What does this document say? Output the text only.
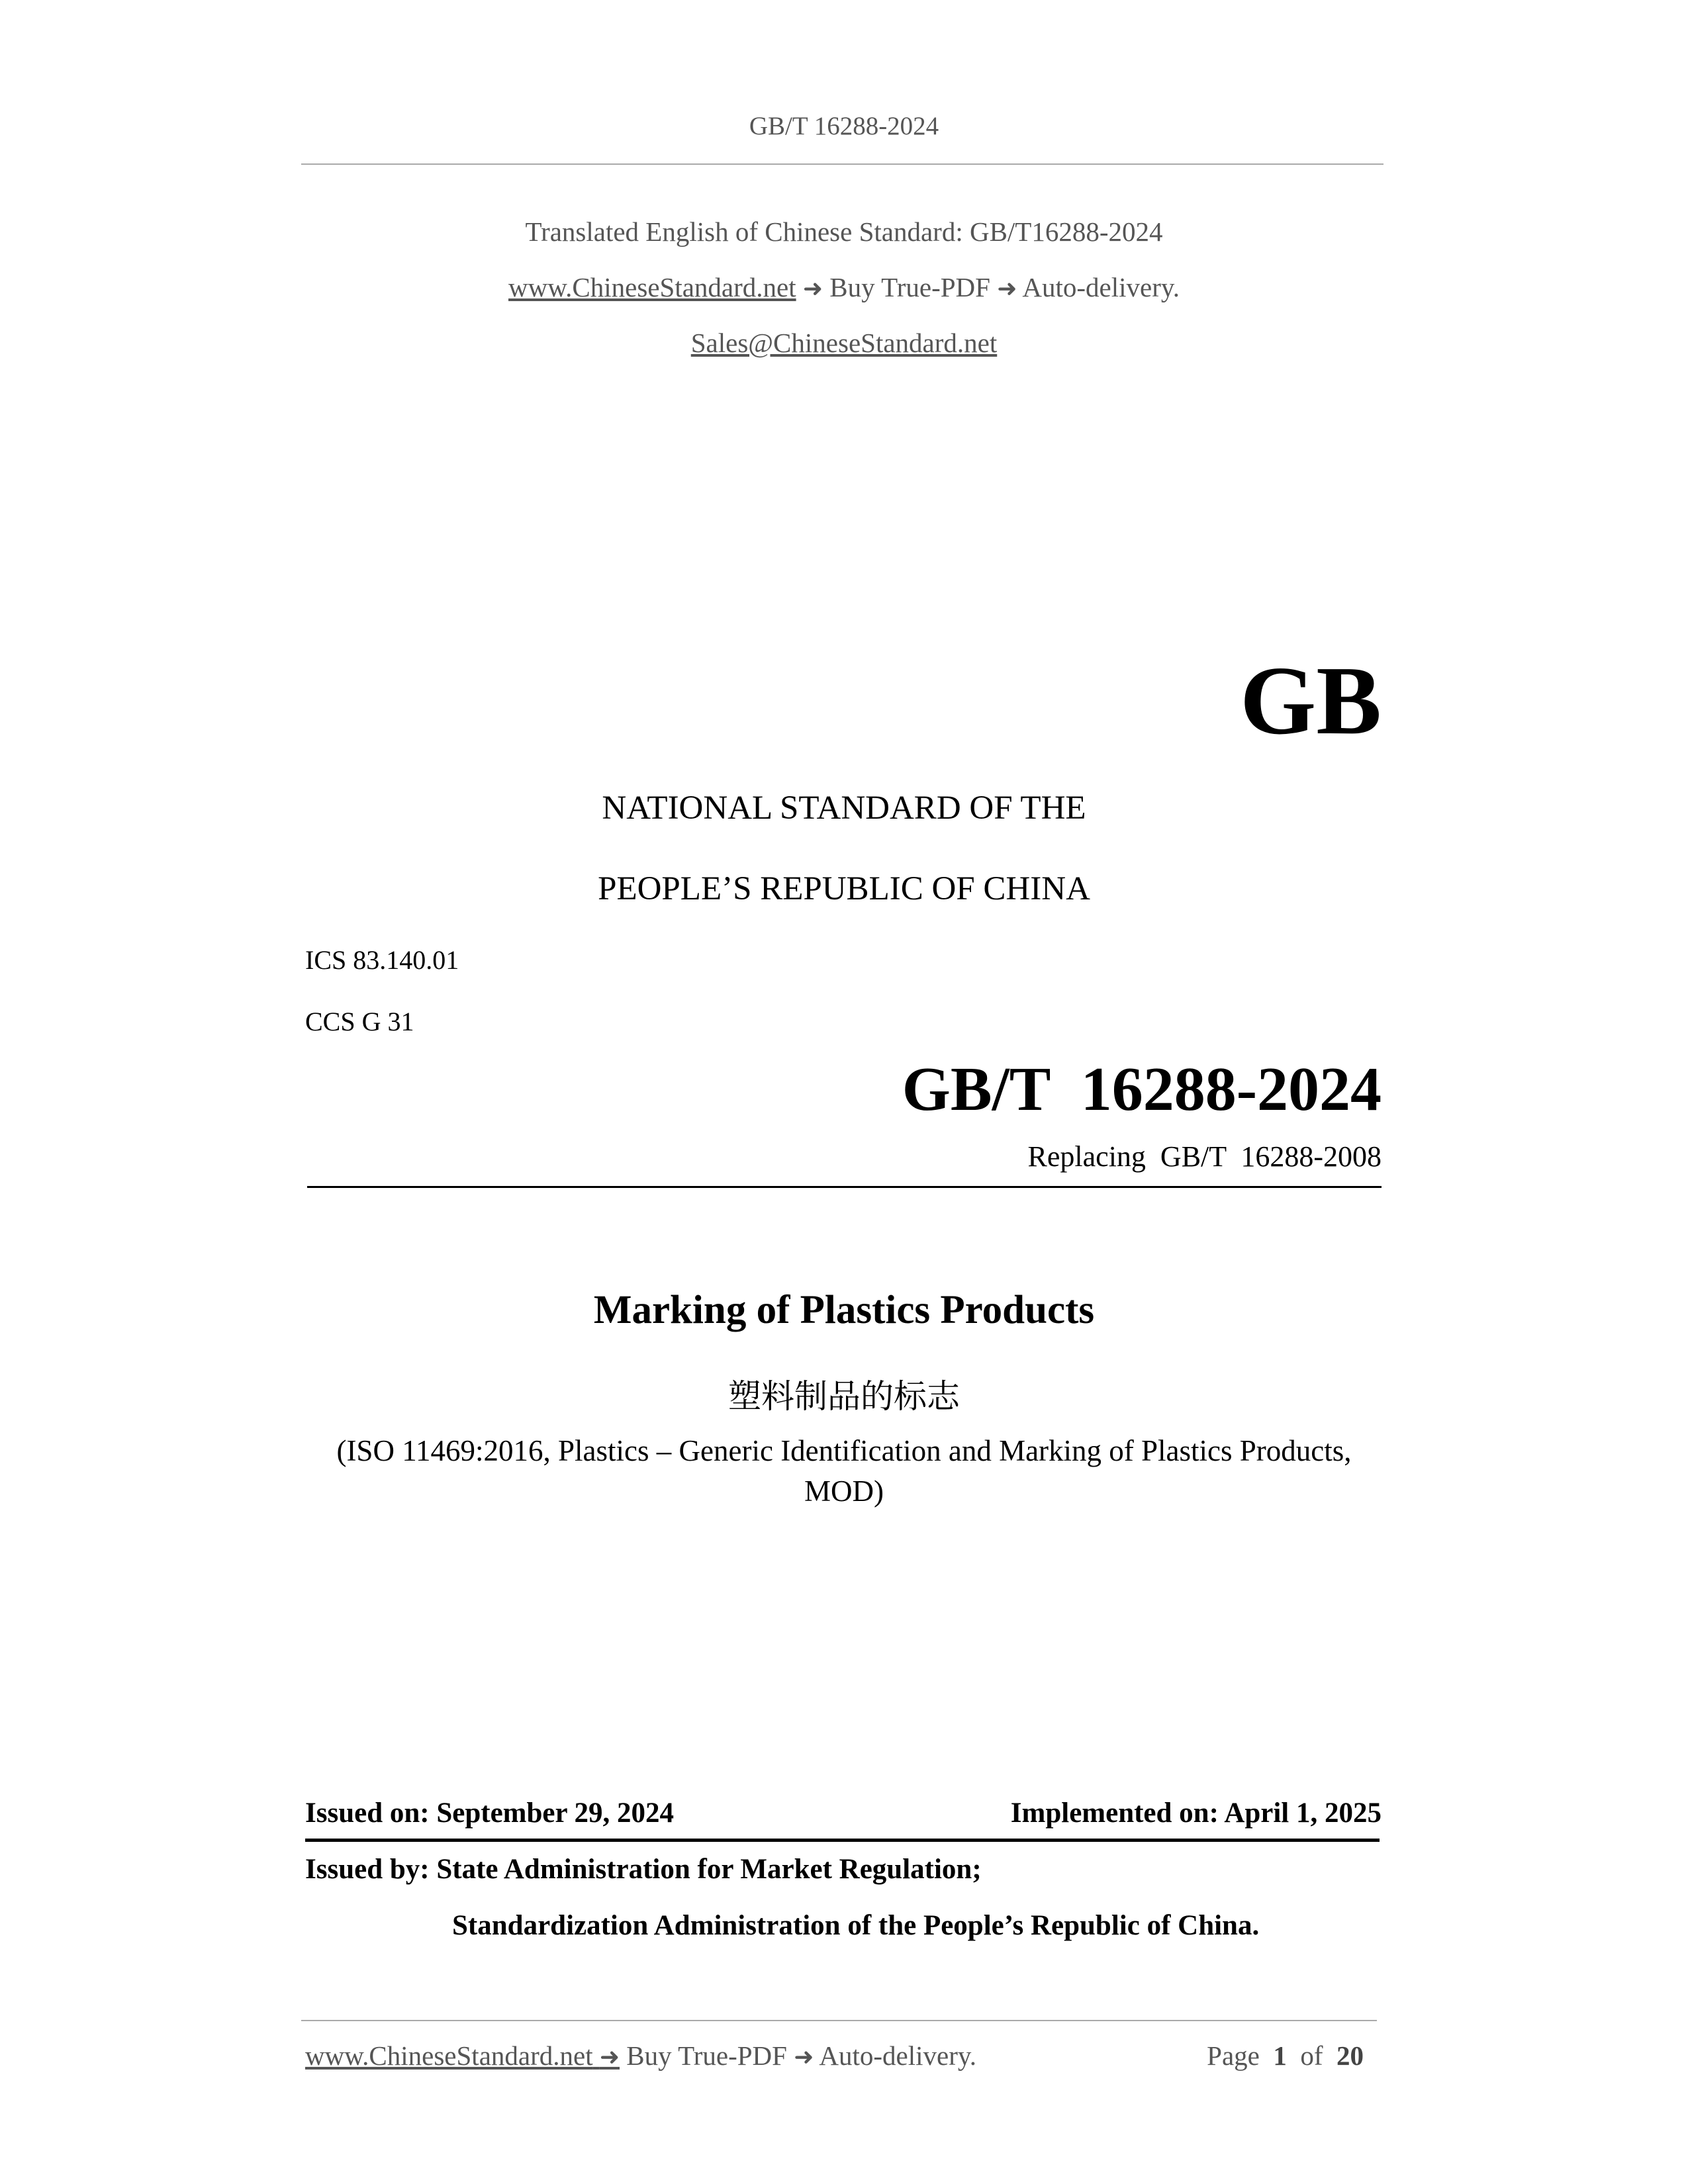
GB/T 16288-2024
Translated English of Chinese Standard: GB/T16288-2024
www.ChineseStandard.net ➜ Buy True-PDF ➜ Auto-delivery.
Sales@ChineseStandard.net
GB
NATIONAL STANDARD OF THE
PEOPLE’S REPUBLIC OF CHINA
ICS 83.140.01
CCS G 31
GB/T  16288-2024
Replacing  GB/T  16288-2008
Marking of Plastics Products
塑料制品的标志
(ISO 11469:2016, Plastics – Generic Identification and Marking of Plastics Products,
MOD)
Issued on: September 29, 2024	Implemented on: April 1, 2025
Issued by: State Administration for Market Regulation;
Standardization Administration of the People’s Republic of China.
www.ChineseStandard.net ➜ Buy True-PDF ➜ Auto-delivery.	Page 1 of 20
